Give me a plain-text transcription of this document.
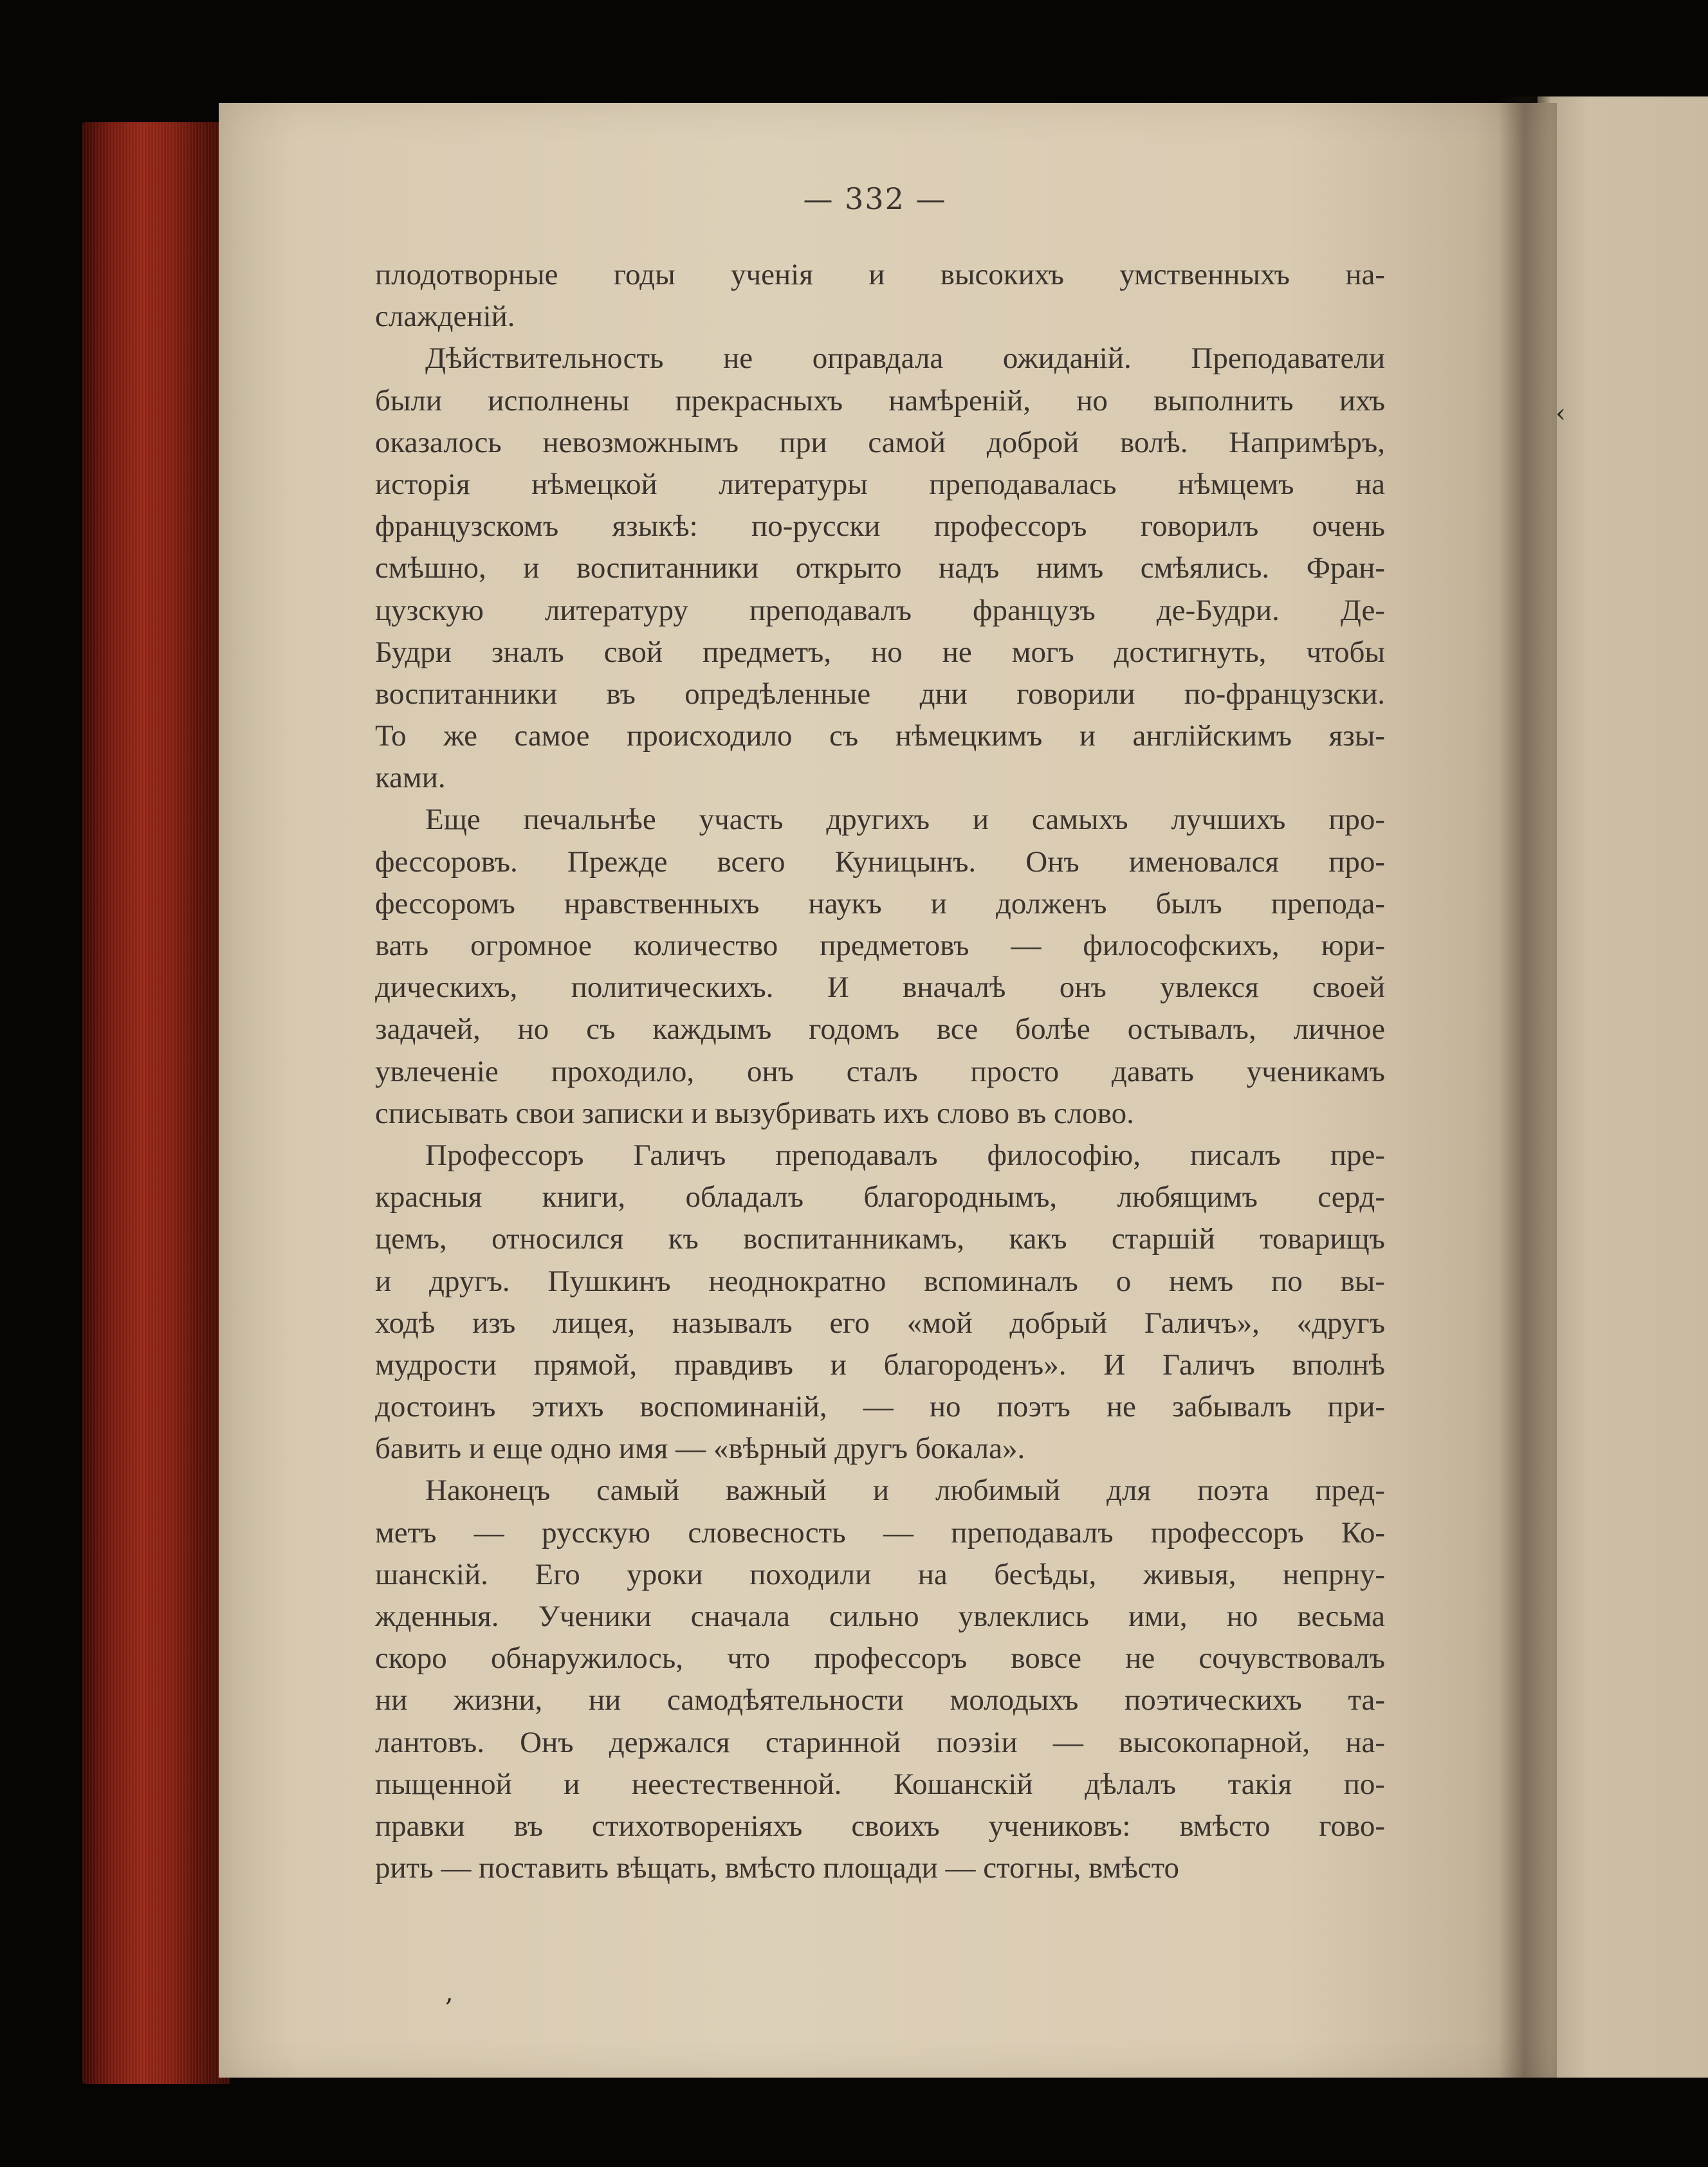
— 332 —

плодотворные годы ученія и высокихъ умственныхъ на-
слажденій.

Дѣйствительность не оправдала ожиданій. Преподаватели
были исполнены прекрасныхъ намѣреній, но выполнить ихъ
оказалось невозможнымъ при самой доброй волѣ. Напримѣръ,
исторія нѣмецкой литературы преподавалась нѣмцемъ на
французскомъ языкѣ: по-русски профессоръ говорилъ очень
смѣшно, и воспитанники открыто надъ нимъ смѣялись. Фран-
цузскую литературу преподавалъ французъ де-Будри. Де-
Будри зналъ свой предметъ, но не могъ достигнуть, чтобы
воспитанники въ опредѣленные дни говорили по-французски.
То же самое происходило съ нѣмецкимъ и англійскимъ язы-
ками.

Еще печальнѣе участь другихъ и самыхъ лучшихъ про-
фессоровъ. Прежде всего Куницынъ. Онъ именовался про-
фессоромъ нравственныхъ наукъ и долженъ былъ препода-
вать огромное количество предметовъ — философскихъ, юри-
дическихъ, политическихъ. И вначалѣ онъ увлекся своей
задачей, но съ каждымъ годомъ все болѣе остывалъ, личное
увлеченіе проходило, онъ сталъ просто давать ученикамъ
списывать свои записки и вызубривать ихъ слово въ слово.

Профессоръ Галичъ преподавалъ философію, писалъ пре-
красныя книги, обладалъ благороднымъ, любящимъ серд-
цемъ, относился къ воспитанникамъ, какъ старшій товарищъ
и другъ. Пушкинъ неоднократно вспоминалъ о немъ по вы-
ходѣ изъ лицея, называлъ его «мой добрый Галичъ», «другъ
мудрости прямой, правдивъ и благороденъ». И Галичъ вполнѣ
достоинъ этихъ воспоминаній, — но поэтъ не забывалъ при-
бавить и еще одно имя — «вѣрный другъ бокала».

Наконецъ самый важный и любимый для поэта пред-
метъ — русскую словесность — преподавалъ профессоръ Ко-
шанскій. Его уроки походили на бесѣды, живыя, непрну-
жденныя. Ученики сначала сильно увлеклись ими, но весьма
скоро обнаружилось, что профессоръ вовсе не сочувствовалъ
ни жизни, ни самодѣятельности молодыхъ поэтическихъ та-
лантовъ. Онъ держался старинной поэзіи — высокопарной, на-
пыщенной и неестественной. Кошанскій дѣлалъ такія по-
правки въ стихотвореніяхъ своихъ учениковъ: вмѣсто гово-
рить — поставить вѣщать, вмѣсто площади — стогны, вмѣсто

‹
,
